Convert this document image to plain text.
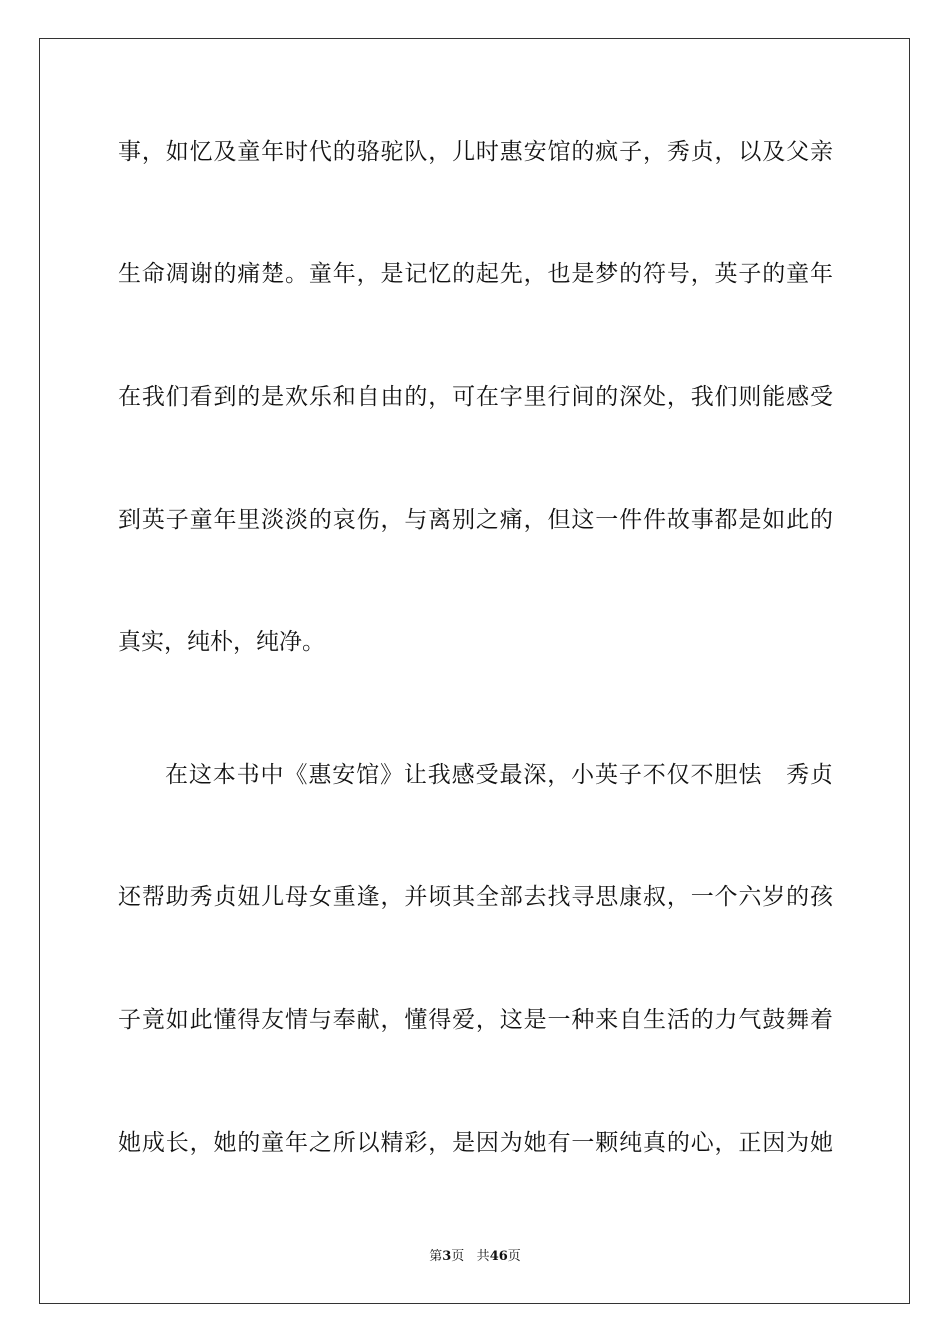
事，如忆及童年时代的骆驼队，儿时惠安馆的疯子，秀贞，以及父亲
生命凋谢的痛楚。童年，是记忆的起先，也是梦的符号，英子的童年
在我们看到的是欢乐和自由的，可在字里行间的深处，我们则能感受
到英子童年里淡淡的哀伤，与离别之痛，但这一件件故事都是如此的
真实，纯朴，纯净。
在这本书中《惠安馆》让我感受最深，小英子不仅不胆怯　秀贞
还帮助秀贞妞儿母女重逢，并顷其全部去找寻思康叔，一个六岁的孩
子竟如此懂得友情与奉献，懂得爱，这是一种来自生活的力气鼓舞着
她成长，她的童年之所以精彩，是因为她有一颗纯真的心，正因为她
第3页 共46页
